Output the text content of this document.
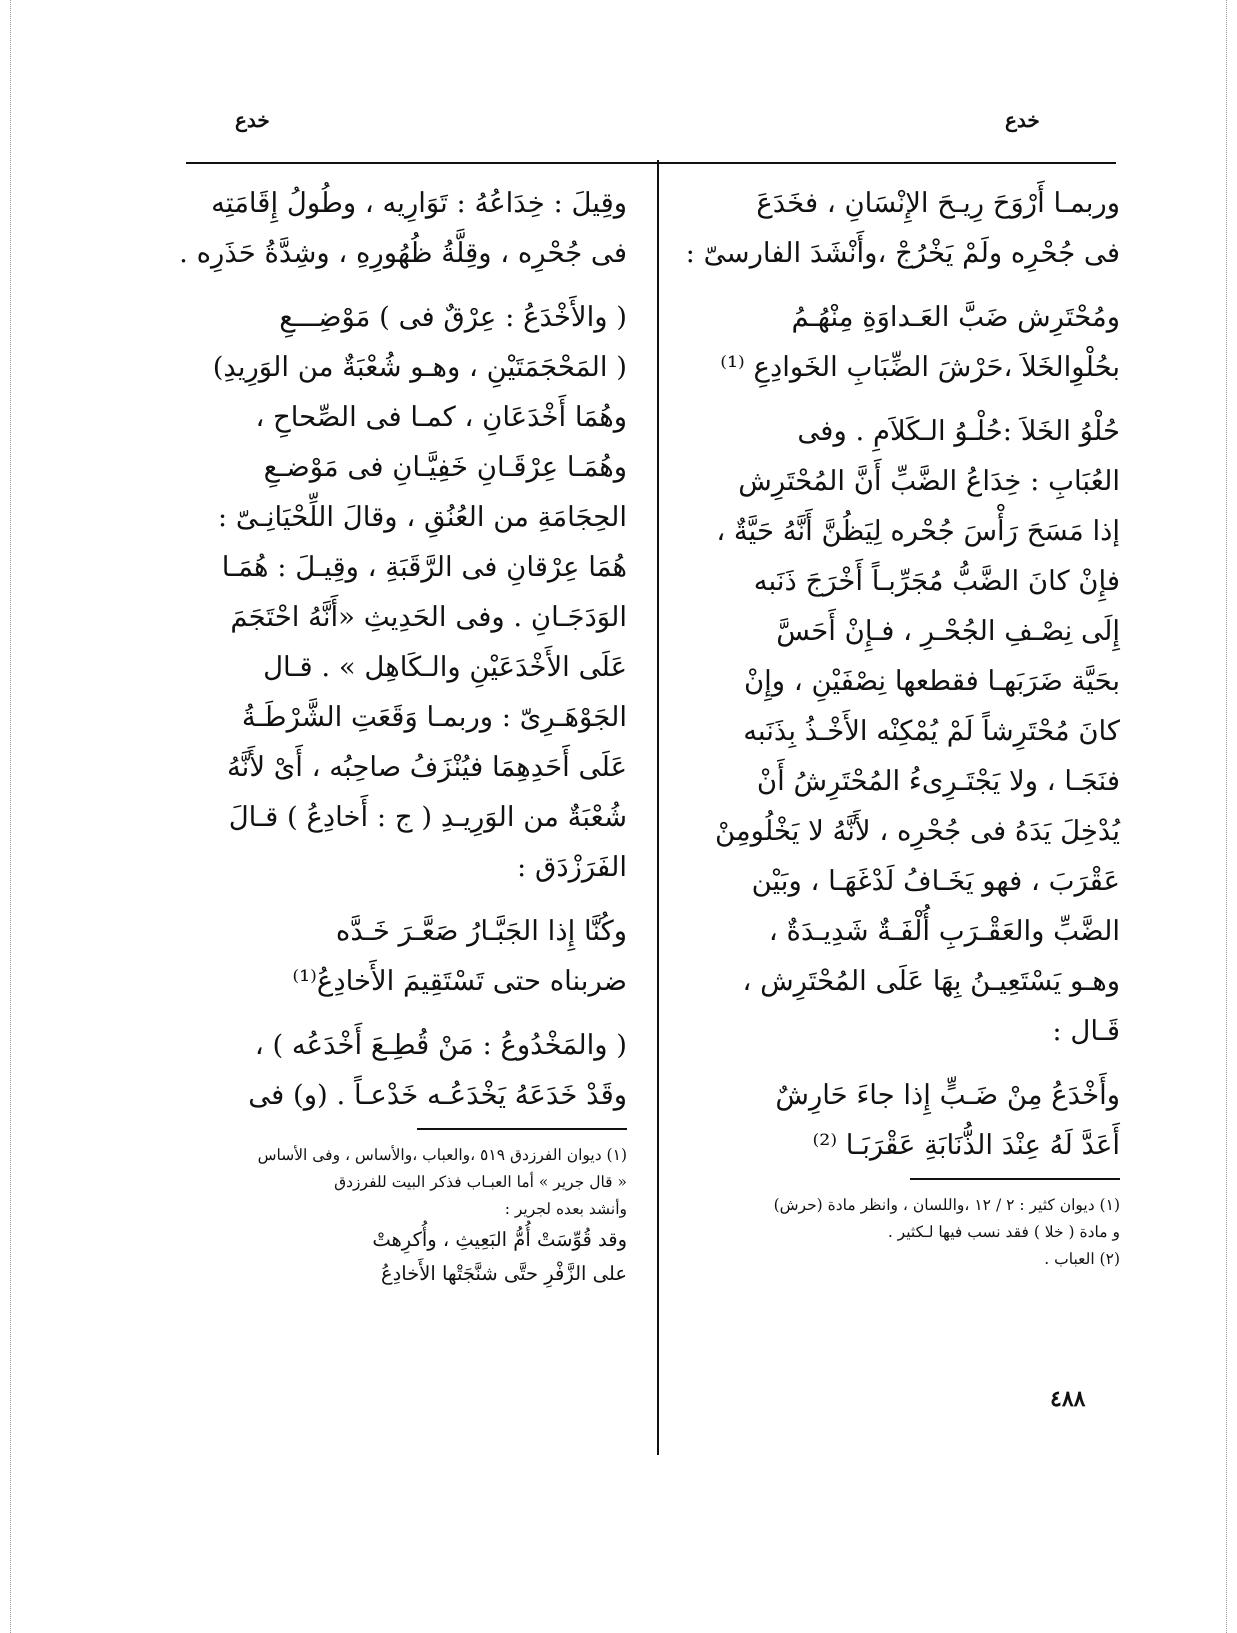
خدع
خدع

وربمـا أَرْوَحَ رِيـحَ الإِنْسَانِ ، فخَدَعَ

فى جُحْرِه ولَمْ يَخْرُجْ ،وأَنْشَدَ الفارسىّ :

ومُحْتَرِش ضَبَّ العَـداوَةِ مِنْهُـمُ

بحُلْوِالخَلاَ ،حَرْشَ الضِّبَابِ الخَوادِعِ ⁽¹⁾

حُلْوُ الخَلاَ :حُلْـوُ الـكَلاَمِ . وفى

العُبَابِ : خِدَاعُ الضَّبِّ أَنَّ المُحْتَرِش

إذا مَسَحَ رَأْسَ جُحْره لِيَظُنَّ أَنَّهُ حَيَّةٌ ،

فإِنْ كانَ الضَّبُّ مُجَرِّبـاً أَخْرَجَ ذَنَبه

إِلَى نِصْـفِ الجُحْـرِ ، فـإِنْ أَحَسَّ

بحَيَّة ضَرَبَهـا فقطعها نِصْفَيْنِ ، وإِنْ

كانَ مُحْتَرِشاً لَمْ يُمْكِنْه الأَخْـذُ بِذَنَبه

فنَجَـا ، ولا يَجْتَـرِىءُ المُحْتَرِشُ أَنْ

يُدْخِلَ يَدَهُ فى جُحْرِه ، لأَنَّهُ لا يَخْلُومِنْ

عَقْرَبَ ، فهو يَخَـافُ لَدْغَهَـا ، وبَيْن

الضَّبِّ والعَقْـرَبِ أُلْفَـةٌ شَدِيـدَةٌ ،

وهـو يَسْتَعِيـنُ بِهَا عَلَى المُحْتَرِش ،

قَـال :

وأَخْدَعُ مِنْ ضَـبٍّ إِذا جاءَ حَارِشٌ

أَعَدَّ لَهُ عِنْدَ الذُّنَابَةِ عَقْرَبَـا ⁽²⁾

(١) ديوان كثير : ٢ / ١٢ ،واللسان ، وانظر مادة (حرش)
و مادة ( خلا ) فقد نسب فيها لـكثير .
(٢) العباب .

وقِيلَ : خِدَاعُهُ : تَوَارِيه ، وطُولُ إِقَامَتِه

فى جُحْرِه ، وقِلَّةُ ظُهُورِهِ ، وشِدَّةُ حَذَرِه .

( والأَخْدَعُ : عِرْقٌ فى ) مَوْضِـــعِ

( المَحْجَمَتَيْنِ ، وهـو شُعْبَةٌ من الوَرِيدِ)

وهُمَا أَخْدَعَانِ ، كمـا فى الصِّحاحِ ،

وهُمَـا عِرْقَـانِ خَفِيَّـانِ فى مَوْضـعِ

الحِجَامَةِ من العُنُقِ ، وقالَ اللِّحْيَانِـىّ :

هُمَا عِرْقانِ فى الرَّقَبَةِ ، وقِيـلَ : هُمَـا

الوَدَجَـانِ . وفى الحَدِيثِ «أَنَّهُ احْتَجَمَ

عَلَى الأَخْدَعَيْنِ والـكَاهِل » . قـال

الجَوْهَـرِىّ : وربمـا وَقَعَتِ الشَّرْطَـةُ

عَلَى أَحَدِهِمَا فيُنْزَفُ صاحِبُه ، أَىْ لأَنَّهُ

شُعْبَةٌ من الوَرِيـدِ ( ج : أَخادِعُ ) قـالَ

الفَرَزْدَق :

وكُنَّا إِذا الجَبَّـارُ صَعَّـرَ خَـدَّه

ضربناه حتى تَسْتَقِيمَ الأَخادِعُ⁽¹⁾

( والمَخْدُوعُ : مَنْ قُطِـعَ أَخْدَعُه ) ،

وقَدْ خَدَعَهُ يَخْدَعُـه خَدْعـاً . (و) فى

(١) ديوان الفرزدق ٥١٩ ،والعباب ،والأساس ، وفى الأساس
« قال جرير » أما العبـاب فذكر البيت للفرزدق
وأنشد بعده لجرير :
وقد قُوِّسَتْ أُمُّ البَعِيثِ ، وأُكرِهتْ
على الزَّفْرِ حتَّى شنَّجَتْها الأَخادِعُ
٤٨٨
